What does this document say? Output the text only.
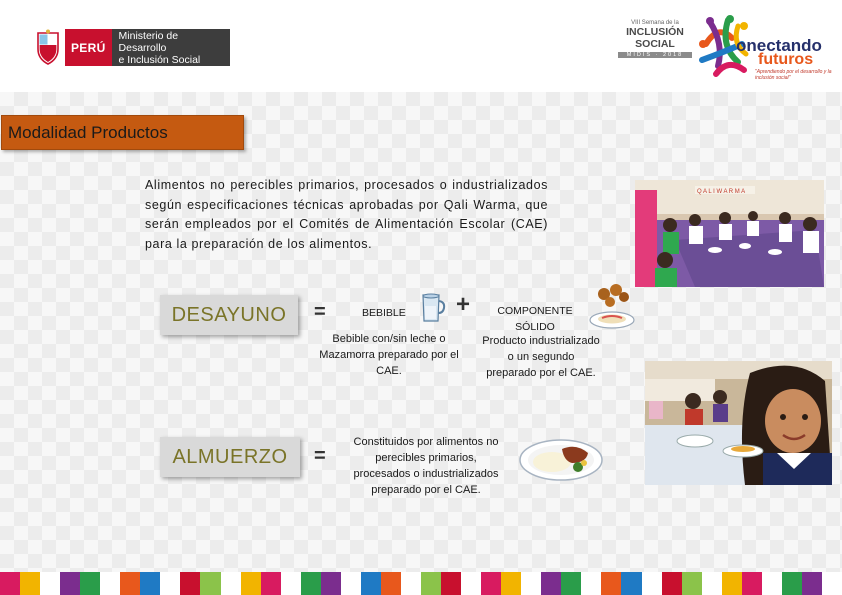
PERÚ
Ministerio de Desarrollo
e Inclusión Social
VIII Semana de la
INCLUSIÓN SOCIAL
MIDIS · 2018	onectando
futuros
"Aprendiendo por el desarrollo y la inclusión social"
Modalidad Productos
Alimentos no perecibles primarios, procesados o industrializados según especificaciones técnicas aprobadas por Qali Warma, que serán empleados por el Comités de Alimentación Escolar (CAE) para la preparación de los alimentos.
DESAYUNO	=	BEBIBLE +
Bebible con/sin leche o Mazamorra preparado por el CAE.
COMPONENTE SÓLIDO
Producto industrializado o un segundo preparado por el CAE.
ALMUERZO	=
Constituidos por alimentos no perecibles primarios, procesados o industrializados preparado por el CAE.
Q A L I W A R M A
